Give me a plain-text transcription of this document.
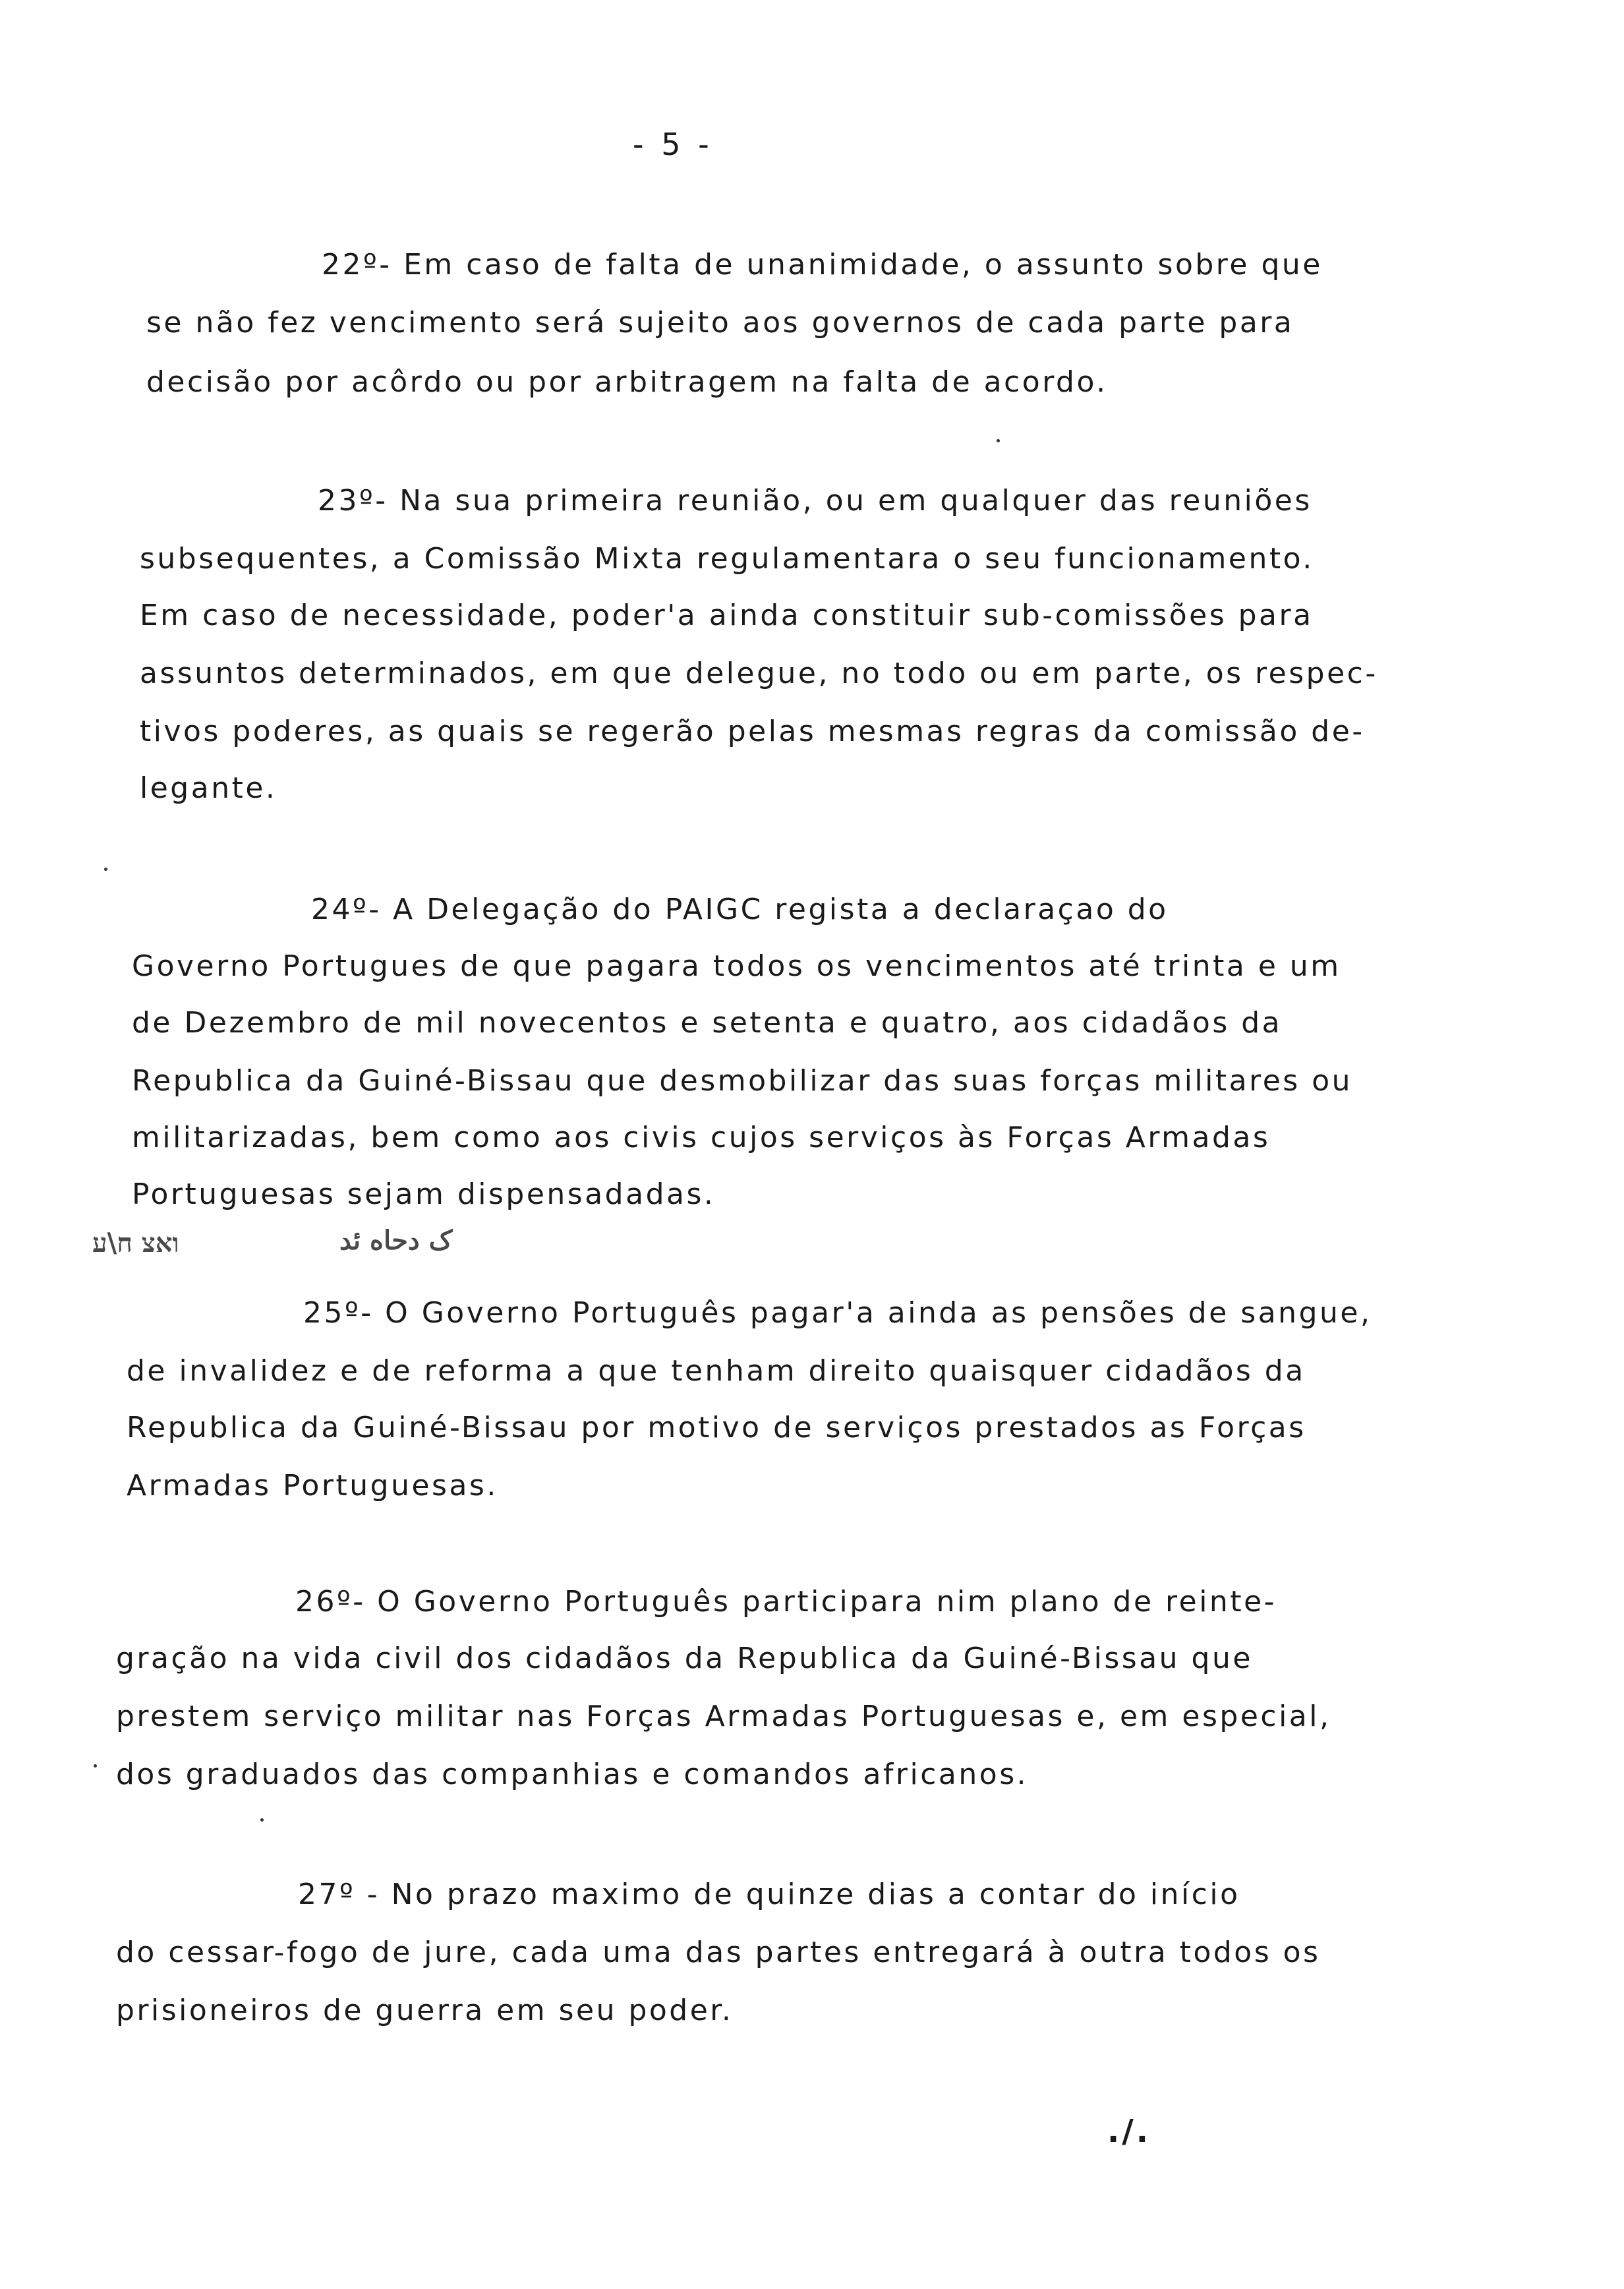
- 5 -
22º- Em caso de falta de unanimidade, o assunto sobre que
se não fez vencimento será sujeito aos governos de cada parte para
decisão por acôrdo ou por arbitragem na falta de acordo.
23º- Na sua primeira reunião, ou em qualquer das reuniões
subsequentes, a Comissão Mixta regulamentara o seu funcionamento.
Em caso de necessidade, poder'a ainda constituir sub-comissões para
assuntos determinados, em que delegue, no todo ou em parte, os respec-
tivos poderes, as quais se regerão pelas mesmas regras da comissão de-
legante.
24º- A Delegação do PAIGC regista a declaraçao do
Governo Portugues de que pagara todos os vencimentos até trinta e um
de Dezembro de mil novecentos e setenta e quatro, aos cidadãos da
Republica da Guiné-Bissau que desmobilizar das suas forças militares ou
militarizadas, bem como aos civis cujos serviços às Forças Armadas
Portuguesas sejam dispensadadas.
ואצ ח\ע	ک دحاه ئد
25º- O Governo Português pagar'a ainda as pensões de sangue,
de invalidez e de reforma a que tenham direito quaisquer cidadãos da
Republica da Guiné-Bissau por motivo de serviços prestados as Forças
Armadas Portuguesas.
26º- O Governo Português participara nim plano de reinte-
gração na vida civil dos cidadãos da Republica da Guiné-Bissau que
prestem serviço militar nas Forças Armadas Portuguesas e, em especial,
dos graduados das companhias e comandos africanos.
27º - No prazo maximo de quinze dias a contar do início
do cessar-fogo de jure, cada uma das partes entregará à outra todos os
prisioneiros de guerra em seu poder.
./.
